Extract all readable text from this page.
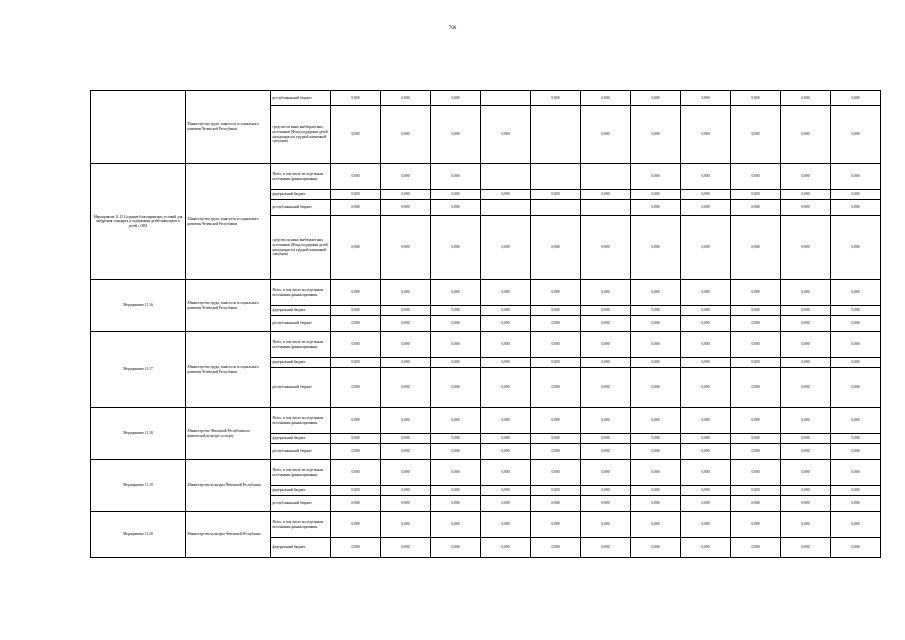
706
	Министерство труда, занятости и социального развития Чеченской Республики	республиканский бюджет	0,000	0,000	0,000		0,000	0,000	0,000	0,000	0,000	0,000	0,000
		средства из иных внебюджетных источников (Фонд поддержки детей, находящихся в трудной жизненной ситуации)	0,000	0,000	0,000	0,000		0,000	0,000	0,000	0,000	0,000	0,000
Мероприятие 11.15 Создание благоприятных условий для внедрения стандарта и содержания детей-инвалидов и детей с ОВЗ	Министерство труда, занятости и социального развития Чеченской Республики	Всего, в том числе по отдельным источникам финансирования:	0,000	0,000	0,000				0,000	0,000	0,000	0,000	0,000
		федеральный бюджет	0,000	0,000	0,000	0,000	0,000	0,000	0,000	0,000	0,000	0,000	0,000
		республиканский бюджет	0,000	0,000	0,000				0,000	0,000	0,000	0,000	0,000
		средства из иных внебюджетных источников (Фонд поддержки детей, находящихся в трудной жизненной ситуации)	0,000	0,000	0,000	0,000	0,000	0,000	0,000	0,000	0,000	0,000	0,000
Мероприятие 11.16	Министерство труда, занятости и социального развития Чеченской Республики	Всего, в том числе по отдельным источникам финансирования:	0,000	0,000	0,000	0,000	0,000	0,000	0,000	0,000	0,000	0,000	0,000
		федеральный бюджет	0,000	0,000	0,000	0,000	0,000	0,000	0,000	0,000	0,000	0,000	0,000
		республиканский бюджет	0,000	0,000	0,000	0,000	0,000	0,000	0,000	0,000	0,000	0,000	0,000
Мероприятие 11.17	Министерство труда, занятости и социального развития Чеченской Республики	Всего, в том числе по отдельным источникам финансирования:	0,000	0,000	0,000	0,000	0,000	0,000	0,000	0,000	0,000	0,000	0,000
		федеральный бюджет	0,000	0,000	0,000	0,000	0,000	0,000	0,000	0,000	0,000	0,000	0,000
		республиканский бюджет	0,000	0,000	0,000	0,000	0,000	0,000	0,000	0,000	0,000	0,000	0,000
Мероприятие 11.18	Министерство Чеченской Республики по физической культуре и спорту	Всего, в том числе по отдельным источникам финансирования:	0,000	0,000	0,000	0,000	0,000	0,000	0,000	0,000	0,000	0,000	0,000
		федеральный бюджет	0,000	0,000	0,000	0,000	0,000	0,000	0,000	0,000	0,000	0,000	0,000
		республиканский бюджет	0,000	0,000	0,000	0,000	0,000	0,000	0,000	0,000	0,000	0,000	0,000
Мероприятие 11.19	Министерство культуры Чеченской Республики	Всего, в том числе по отдельным источникам финансирования:	0,000	0,000	0,000	0,000	0,000	0,000	0,000	0,000	0,000	0,000	0,000
		федеральный бюджет	0,000	0,000	0,000	0,000	0,000	0,000	0,000	0,000	0,000	0,000	0,000
		республиканский бюджет	0,000	0,000	0,000	0,000	0,000	0,000	0,000	0,000	0,000	0,000	0,000
Мероприятие 11.20	Министерство культуры Чеченской Республики	Всего, в том числе по отдельным источникам финансирования:	0,000	0,000	0,000	0,000	0,000	0,000	0,000	0,000	0,000	0,000	0,000
		федеральный бюджет	0,000	0,000	0,000	0,000	0,000	0,000	0,000	0,000	0,000	0,000	0,000
